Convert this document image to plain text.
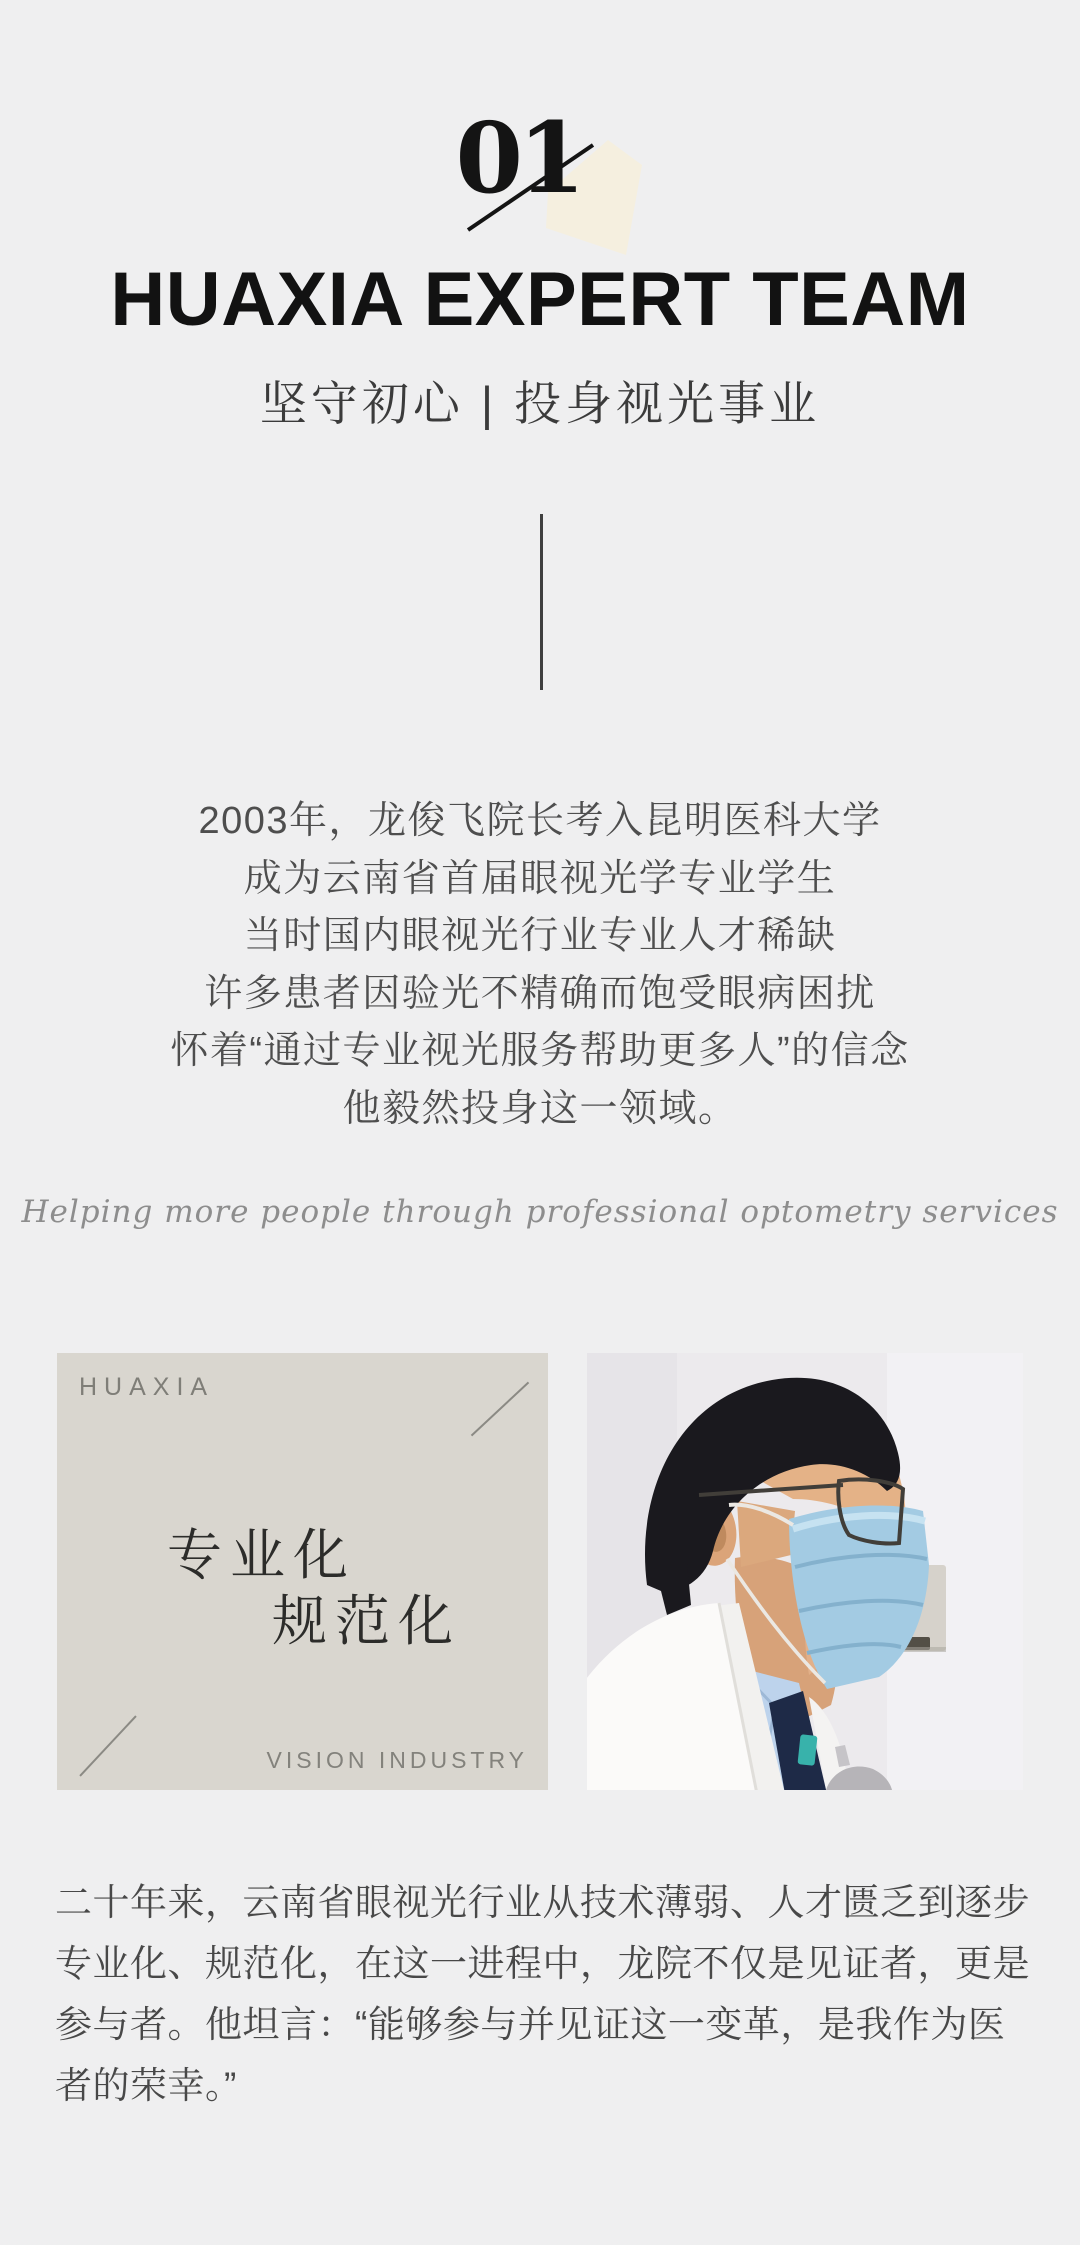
01
HUAXIA EXPERT TEAM
坚守初心 | 投身视光事业
2003年，龙俊飞院长考入昆明医科大学
成为云南省首届眼视光学专业学生
当时国内眼视光行业专业人才稀缺
许多患者因验光不精确而饱受眼病困扰
怀着“通过专业视光服务帮助更多人”的信念
他毅然投身这一领域。
Helping more people through professional optometry services
HUAXIA
专业化
规范化
VISION INDUSTRY
二十年来，云南省眼视光行业从技术薄弱、人才匮乏到逐步
专业化、规范化，在这一进程中，龙院不仅是见证者，更是
参与者。他坦言：“能够参与并见证这一变革，是我作为医
者的荣幸。”
